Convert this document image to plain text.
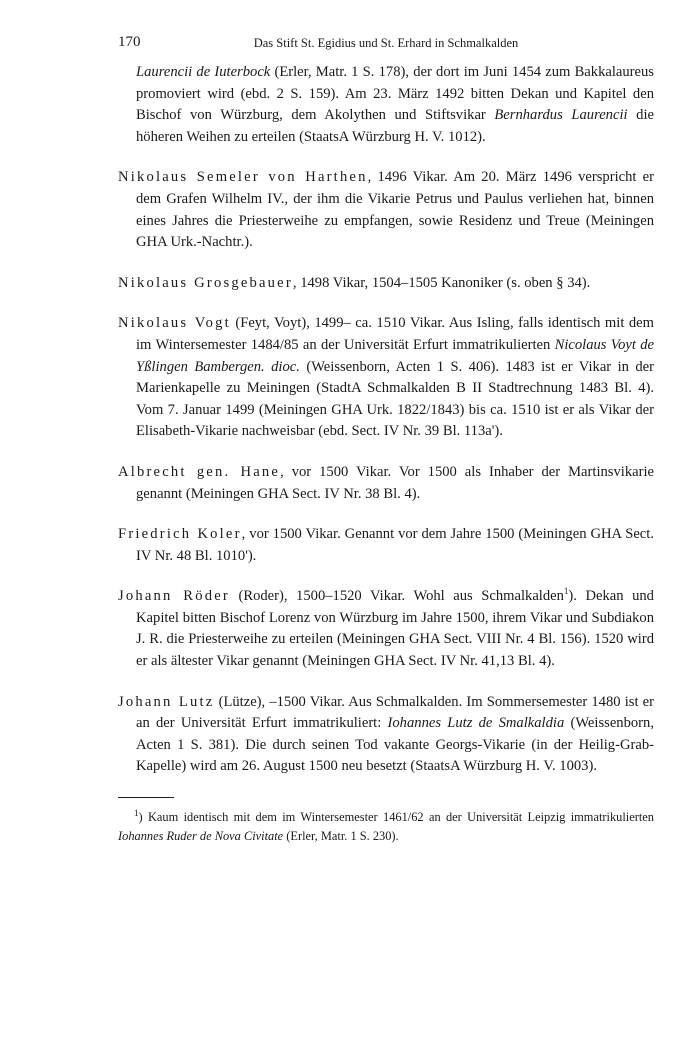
170	Das Stift St. Egidius und St. Erhard in Schmalkalden

Laurencii de Iuterbock (Erler, Matr. 1 S. 178), der dort im Juni 1454 zum Bakkalaureus promoviert wird (ebd. 2 S. 159). Am 23. März 1492 bitten Dekan und Kapitel den Bischof von Würzburg, dem Akolythen und Stiftsvikar Bernhardus Laurencii die höheren Weihen zu erteilen (StaatsA Würzburg H. V. 1012).

Nikolaus Semeler von Harthen, 1496 Vikar. Am 20. März 1496 verspricht er dem Grafen Wilhelm IV., der ihm die Vikarie Petrus und Paulus verliehen hat, binnen eines Jahres die Priesterweihe zu empfangen, sowie Residenz und Treue (Meiningen GHA Urk.-Nachtr.).

Nikolaus Grosgebauer, 1498 Vikar, 1504–1505 Kanoniker (s. oben § 34).

Nikolaus Vogt (Feyt, Voyt), 1499– ca. 1510 Vikar. Aus Isling, falls identisch mit dem im Wintersemester 1484/85 an der Universität Erfurt immatrikulierten Nicolaus Voyt de Yßlingen Bambergen. dioc. (Weissenborn, Acten 1 S. 406). 1483 ist er Vikar in der Marienkapelle zu Meiningen (StadtA Schmalkalden B II Stadtrechnung 1483 Bl. 4). Vom 7. Januar 1499 (Meiningen GHA Urk. 1822/1843) bis ca. 1510 ist er als Vikar der Elisabeth-Vikarie nachweisbar (ebd. Sect. IV Nr. 39 Bl. 113a').

Albrecht gen. Hane, vor 1500 Vikar. Vor 1500 als Inhaber der Martinsvikarie genannt (Meiningen GHA Sect. IV Nr. 38 Bl. 4).

Friedrich Koler, vor 1500 Vikar. Genannt vor dem Jahre 1500 (Meiningen GHA Sect. IV Nr. 48 Bl. 1010').

Johann Röder (Roder), 1500–1520 Vikar. Wohl aus Schmalkalden$^1$). Dekan und Kapitel bitten Bischof Lorenz von Würzburg im Jahre 1500, ihrem Vikar und Subdiakon J. R. die Priesterweihe zu erteilen (Meiningen GHA Sect. VIII Nr. 4 Bl. 156). 1520 wird er als ältester Vikar genannt (Meiningen GHA Sect. IV Nr. 41,13 Bl. 4).

Johann Lutz (Lütze), –1500 Vikar. Aus Schmalkalden. Im Sommersemester 1480 ist er an der Universität Erfurt immatrikuliert: Iohannes Lutz de Smalkaldia (Weissenborn, Acten 1 S. 381). Die durch seinen Tod vakante Georgs-Vikarie (in der Heilig-Grab-Kapelle) wird am 26. August 1500 neu besetzt (StaatsA Würzburg H. V. 1003).

$^1$) Kaum identisch mit dem im Wintersemester 1461/62 an der Universität Leipzig immatrikulierten Iohannes Ruder de Nova Civitate (Erler, Matr. 1 S. 230).
